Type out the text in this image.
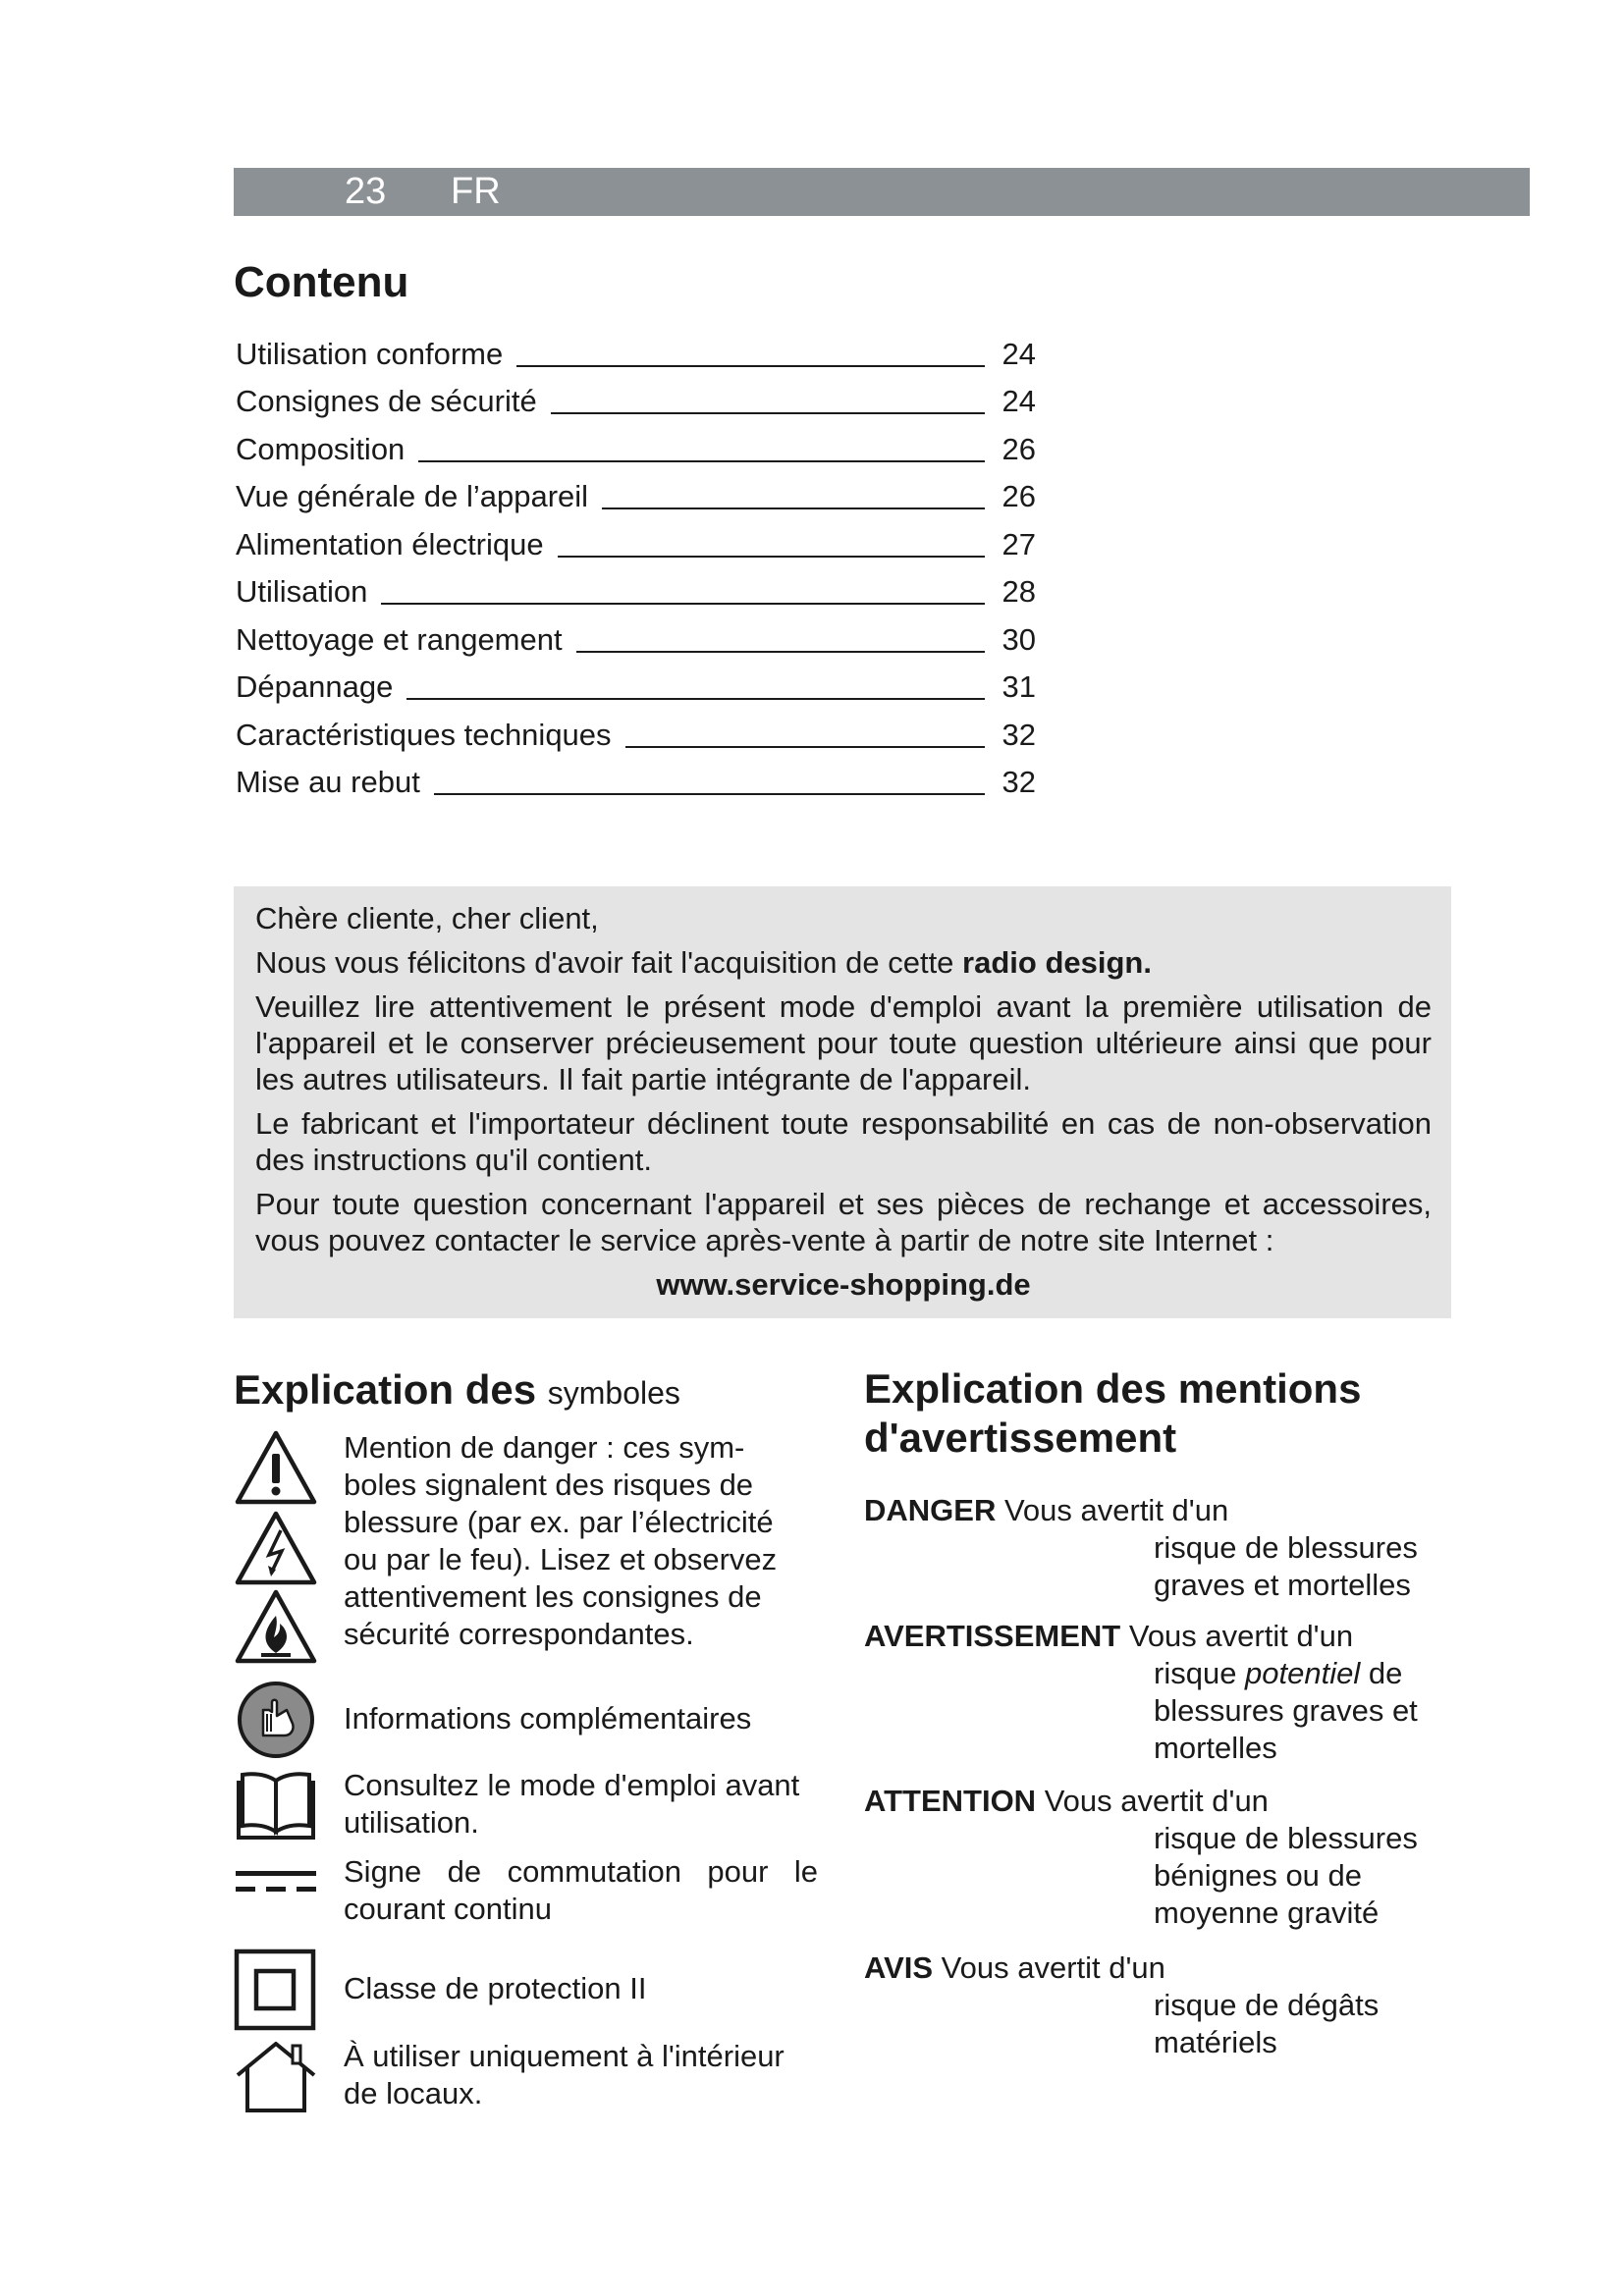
23 FR
Contenu
Utilisation conforme	24
Consignes de sécurité	24
Composition	26
Vue générale de l’appareil	26
Alimentation électrique	27
Utilisation	28
Nettoyage et rangement	30
Dépannage	31
Caractéristiques techniques	32
Mise au rebut	32

Chère cliente, cher client,

Nous vous félicitons d'avoir fait l'acquisition de cette radio design.

Veuillez lire attentivement le présent mode d'emploi avant la première utilisation de l'appareil et le conserver précieusement pour toute question ultérieure ainsi que pour les autres utilisateurs. Il fait partie intégrante de l'appareil.

Le fabricant et l'importateur déclinent toute responsabilité en cas de non-observation des instructions qu'il contient.

Pour toute question concernant l'appareil et ses pièces de rechange et accessoires, vous pouvez contacter le service après-vente à partir de notre site Internet :

www.service-shopping.de

Explication des symboles
Mention de danger : ces sym-
boles signalent des risques de
blessure (par ex. par l’électricité
ou par le feu). Lisez et observez
attentivement les consignes de
sécurité correspondantes.
Informations complémentaires
Consultez le mode d'emploi avant utilisation.
Signe de commutation pour le
courant continu
Classe de protection II
À utiliser uniquement à l'intérieur de locaux.
Explication des mentions
d'avertissement
DANGER Vous avertit d'un
risque de blessures graves et mortelles
AVERTISSEMENT Vous avertit d'un
risque potentiel de blessures graves et mortelles
ATTENTION Vous avertit d'un
risque de blessures bénignes ou de moyenne gravité
AVIS Vous avertit d'un
risque de dégâts matériels
